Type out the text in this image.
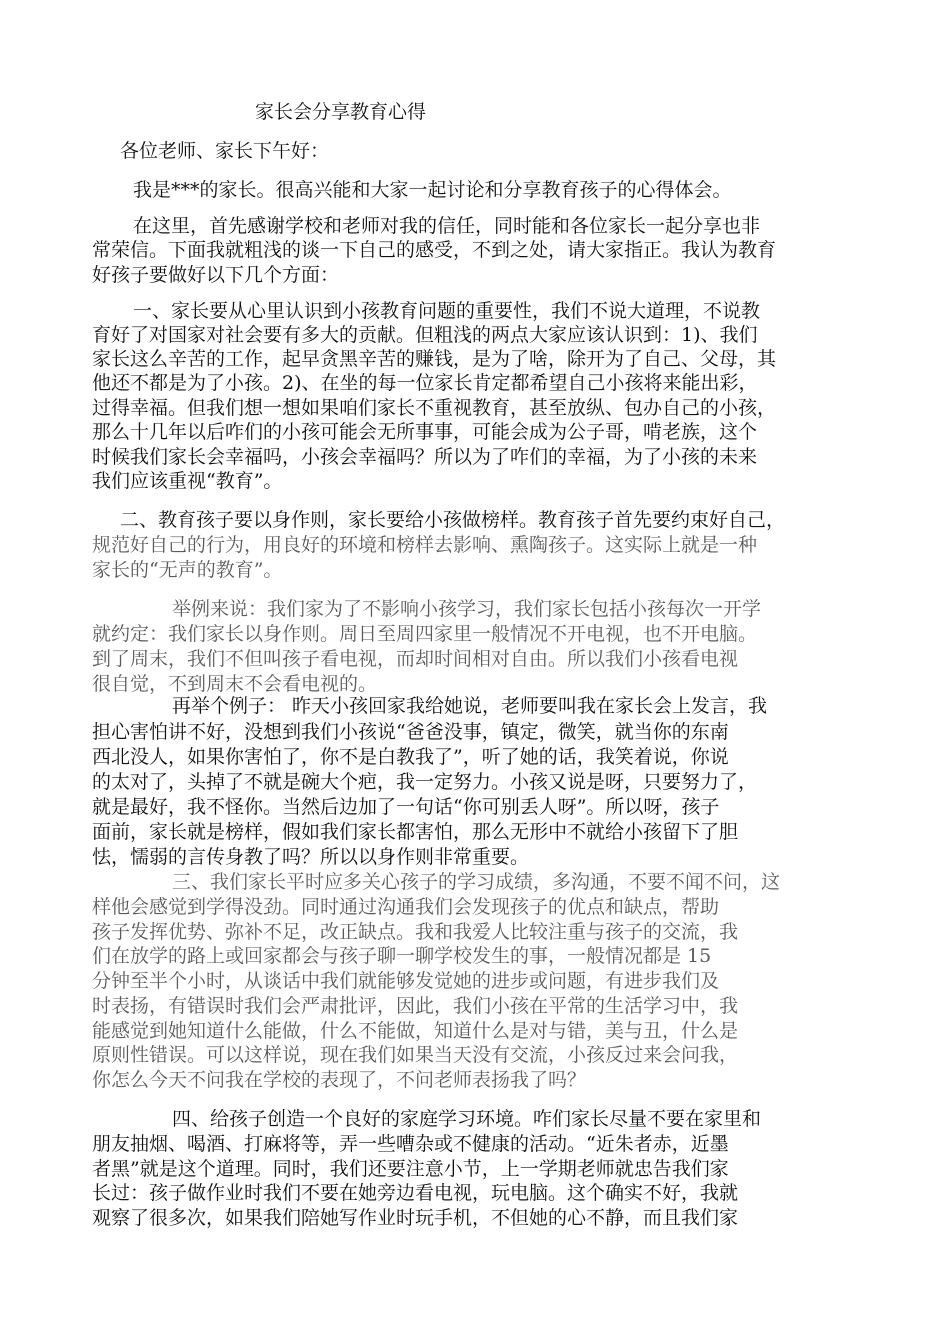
家长会分享教育心得
各位老师、家长下午好：
我是***的家长。很高兴能和大家一起讨论和分享教育孩子的心得体会。
在这里，首先感谢学校和老师对我的信任，同时能和各位家长一起分享也非
常荣信。下面我就粗浅的谈一下自己的感受，不到之处，请大家指正。我认为教育
好孩子要做好以下几个方面：
一、家长要从心里认识到小孩教育问题的重要性，我们不说大道理，不说教
育好了对国家对社会要有多大的贡献。但粗浅的两点大家应该认识到：1)、我们
家长这么辛苦的工作，起早贪黑辛苦的赚钱，是为了啥，除开为了自己、父母，其
他还不都是为了小孩。2)、在坐的每一位家长肯定都希望自己小孩将来能出彩，
过得幸福。但我们想一想如果咱们家长不重视教育，甚至放纵、包办自己的小孩，
那么十几年以后咋们的小孩可能会无所事事，可能会成为公子哥，啃老族，这个
时候我们家长会幸福吗，小孩会幸福吗？所以为了咋们的幸福，为了小孩的未来
我们应该重视“教育”。
二、教育孩子要以身作则，家长要给小孩做榜样。教育孩子首先要约束好自己，
规范好自己的行为，用良好的环境和榜样去影响、熏陶孩子。这实际上就是一种
家长的“无声的教育”。
举例来说：我们家为了不影响小孩学习，我们家长包括小孩每次一开学
就约定：我们家长以身作则。周日至周四家里一般情况不开电视，也不开电脑。
到了周末，我们不但叫孩子看电视，而却时间相对自由。所以我们小孩看电视
很自觉，不到周末不会看电视的。
再举个例子： 昨天小孩回家我给她说，老师要叫我在家长会上发言，我
担心害怕讲不好，没想到我们小孩说“爸爸没事，镇定，微笑，就当你的东南
西北没人，如果你害怕了，你不是白教我了”，听了她的话，我笑着说，你说
的太对了，头掉了不就是碗大个疤，我一定努力。小孩又说是呀，只要努力了，
就是最好，我不怪你。当然后边加了一句话“你可别丢人呀”。所以呀，孩子
面前，家长就是榜样，假如我们家长都害怕，那么无形中不就给小孩留下了胆
怯，懦弱的言传身教了吗？所以以身作则非常重要。
三、我们家长平时应多关心孩子的学习成绩，多沟通，不要不闻不问，这
样他会感觉到学得没劲。同时通过沟通我们会发现孩子的优点和缺点，帮助
孩子发挥优势、弥补不足，改正缺点。我和我爱人比较注重与孩子的交流，我
们在放学的路上或回家都会与孩子聊一聊学校发生的事，一般情况都是 15
分钟至半个小时，从谈话中我们就能够发觉她的进步或问题，有进步我们及
时表扬，有错误时我们会严肃批评，因此，我们小孩在平常的生活学习中，我
能感觉到她知道什么能做，什么不能做，知道什么是对与错，美与丑，什么是
原则性错误。可以这样说，现在我们如果当天没有交流，小孩反过来会问我，
你怎么今天不问我在学校的表现了，不问老师表扬我了吗？
四、给孩子创造一个良好的家庭学习环境。咋们家长尽量不要在家里和
朋友抽烟、喝酒、打麻将等，弄一些嘈杂或不健康的活动。“近朱者赤，近墨
者黑”就是这个道理。同时，我们还要注意小节，上一学期老师就忠告我们家
长过：孩子做作业时我们不要在她旁边看电视，玩电脑。这个确实不好，我就
观察了很多次，如果我们陪她写作业时玩手机，不但她的心不静，而且我们家
